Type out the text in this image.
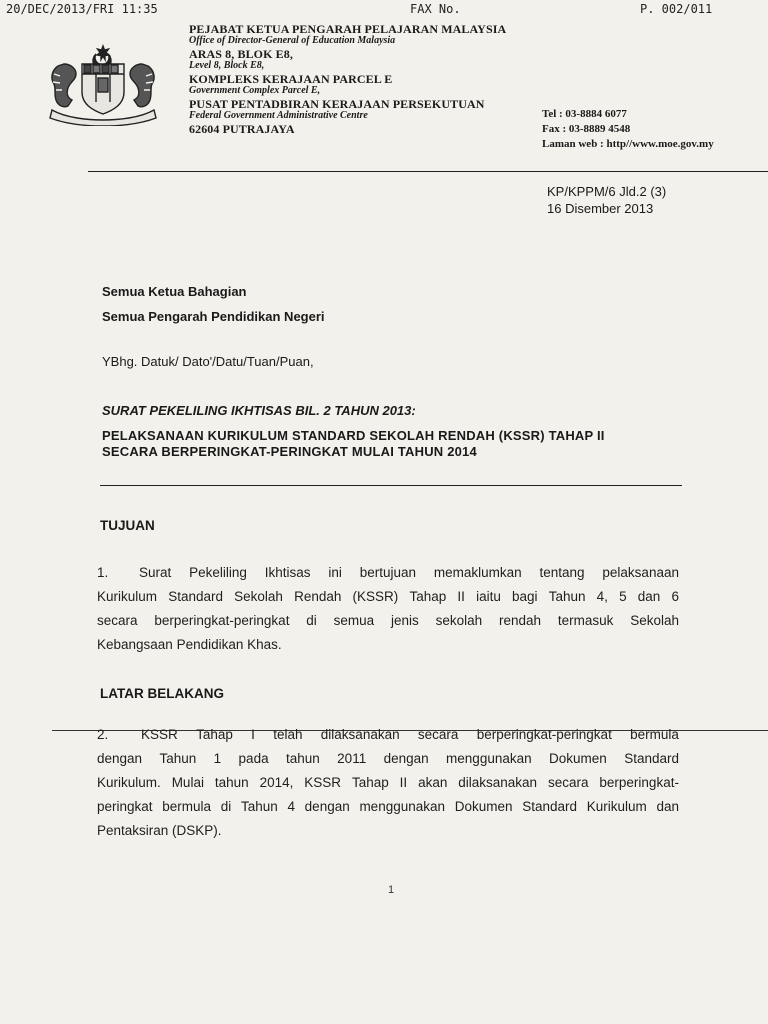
20/DEC/2013/FRI 11:35	FAX No.	P. 002/011
PEJABAT KETUA PENGARAH PELAJARAN MALAYSIA
Office of Director-General of Education Malaysia
ARAS 8, BLOK E8,
Level 8, Block E8,
KOMPLEKS KERAJAAN PARCEL E
Government Complex Parcel E,
PUSAT PENTADBIRAN KERAJAAN PERSEKUTUAN
Federal Government Administrative Centre
62604 PUTRAJAYA
Tel : 03-8884 6077
Fax : 03-8889 4548
Laman web : http//www.moe.gov.my
KP/KPPM/6 Jld.2 (3)
16 Disember 2013
Semua Ketua Bahagian
Semua Pengarah Pendidikan Negeri
YBhg. Datuk/ Dato'/Datu/Tuan/Puan,
SURAT PEKELILING IKHTISAS BIL. 2 TAHUN 2013:
PELAKSANAAN KURIKULUM STANDARD SEKOLAH RENDAH (KSSR) TAHAP II
SECARA BERPERINGKAT-PERINGKAT MULAI TAHUN 2014
TUJUAN
1.	Surat Pekeliling Ikhtisas ini bertujuan memaklumkan tentang pelaksanaan
Kurikulum Standard Sekolah Rendah (KSSR) Tahap II iaitu bagi Tahun 4, 5 dan 6
secara berperingkat-peringkat di semua jenis sekolah rendah termasuk Sekolah
Kebangsaan Pendidikan Khas.
LATAR BELAKANG
2.	KSSR Tahap I telah dilaksanakan secara berperingkat-peringkat bermula
dengan Tahun 1 pada tahun 2011 dengan menggunakan Dokumen Standard
Kurikulum. Mulai tahun 2014, KSSR Tahap II akan dilaksanakan secara berperingkat-
peringkat bermula di Tahun 4 dengan menggunakan Dokumen Standard Kurikulum dan
Pentaksiran (DSKP).
1
